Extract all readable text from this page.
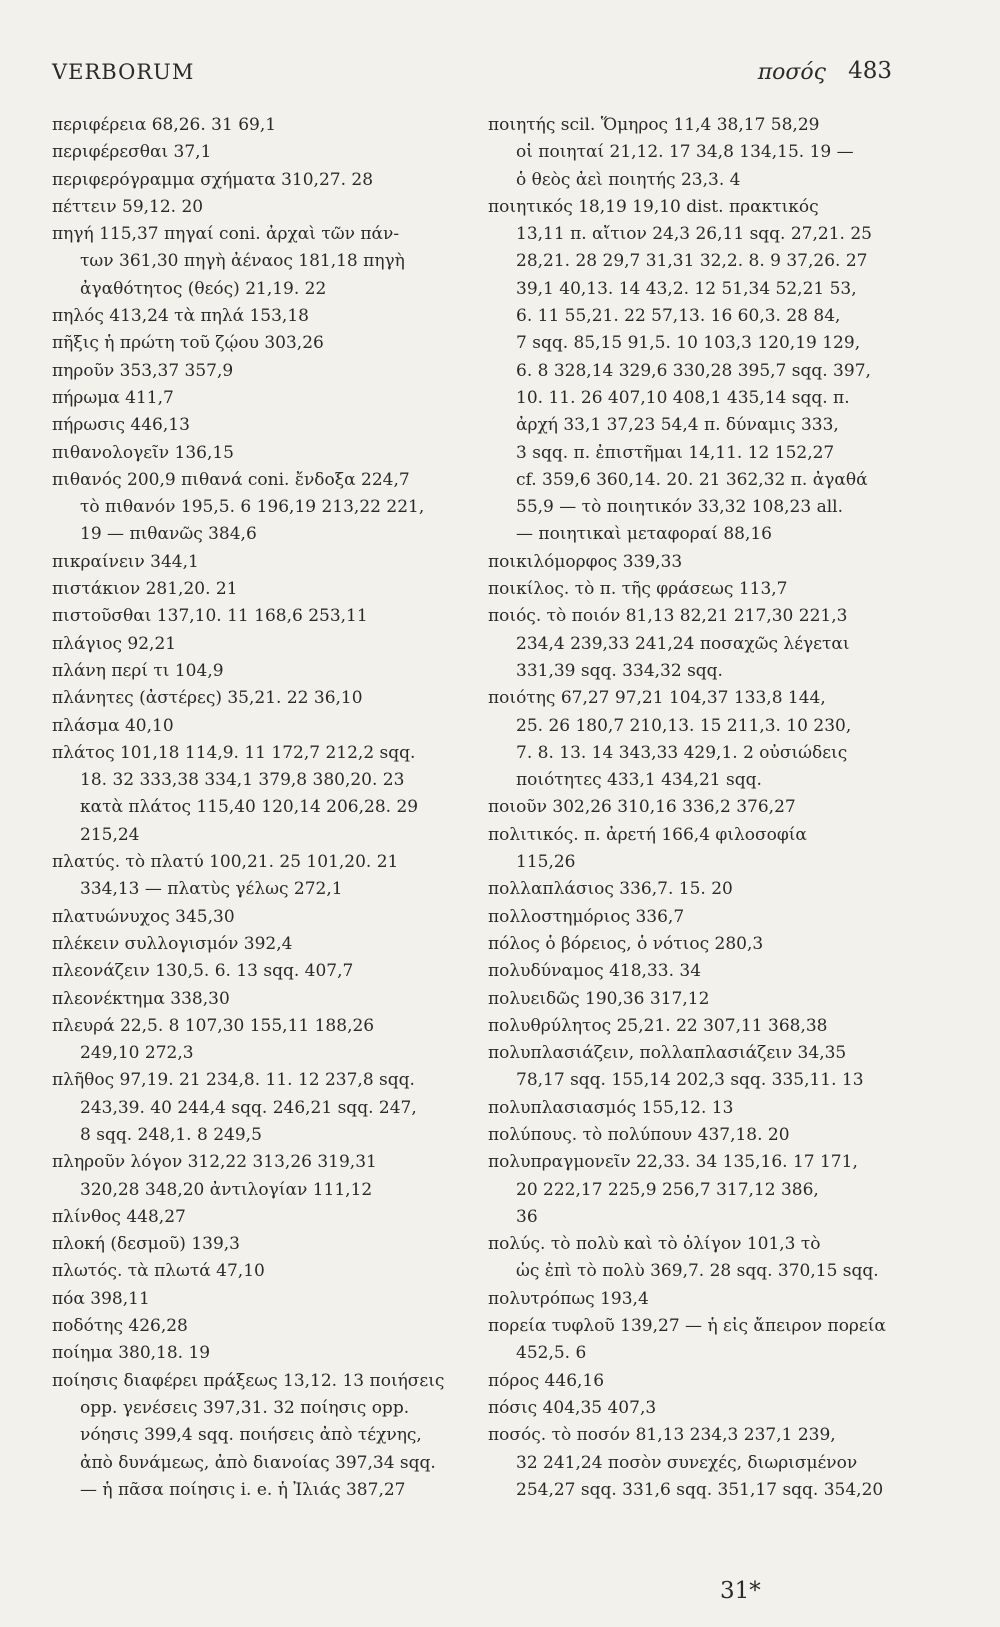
VERBORUM	ποσός 483
περιφέρεια 68,26. 31 69,1
περιφέρεσθαι 37,1
περιφερόγραμμα σχήματα 310,27. 28
πέττειν 59,12. 20
πηγή 115,37 πηγαί coni. ἀρχαὶ τῶν πάν-
των 361,30 πηγὴ ἀέναος 181,18 πηγὴ
ἀγαθότητος (θεός) 21,19. 22
πηλός 413,24 τὰ πηλά 153,18
πῆξις ἡ πρώτη τοῦ ζῴου 303,26
πηροῦν 353,37 357,9
πήρωμα 411,7
πήρωσις 446,13
πιθανολογεῖν 136,15
πιθανός 200,9 πιθανά coni. ἔνδοξα 224,7
τὸ πιθανόν 195,5. 6 196,19 213,22 221,
19 — πιθανῶς 384,6
πικραίνειν 344,1
πιστάκιον 281,20. 21
πιστοῦσθαι 137,10. 11 168,6 253,11
πλάγιος 92,21
πλάνη περί τι 104,9
πλάνητες (ἀστέρες) 35,21. 22 36,10
πλάσμα 40,10
πλάτος 101,18 114,9. 11 172,7 212,2 sqq.
18. 32 333,38 334,1 379,8 380,20. 23
κατὰ πλάτος 115,40 120,14 206,28. 29
215,24
πλατύς. τὸ πλατύ 100,21. 25 101,20. 21
334,13 — πλατὺς γέλως 272,1
πλατυώνυχος 345,30
πλέκειν συλλογισμόν 392,4
πλεονάζειν 130,5. 6. 13 sqq. 407,7
πλεονέκτημα 338,30
πλευρά 22,5. 8 107,30 155,11 188,26
249,10 272,3
πλῆθος 97,19. 21 234,8. 11. 12 237,8 sqq.
243,39. 40 244,4 sqq. 246,21 sqq. 247,
8 sqq. 248,1. 8 249,5
πληροῦν λόγον 312,22 313,26 319,31
320,28 348,20 ἀντιλογίαν 111,12
πλίνθος 448,27
πλοκή (δεσμοῦ) 139,3
πλωτός. τὰ πλωτά 47,10
πόα 398,11
ποδότης 426,28
ποίημα 380,18. 19
ποίησις διαφέρει πράξεως 13,12. 13 ποιήσεις
opp. γενέσεις 397,31. 32 ποίησις opp.
νόησις 399,4 sqq. ποιήσεις ἀπὸ τέχνης,
ἀπὸ δυνάμεως, ἀπὸ διανοίας 397,34 sqq.
— ἡ πᾶσα ποίησις i. e. ἡ Ἰλιάς 387,27
ποιητής scil. Ὅμηρος 11,4 38,17 58,29
οἱ ποιηταί 21,12. 17 34,8 134,15. 19 —
ὁ θεὸς ἀεὶ ποιητής 23,3. 4
ποιητικός 18,19 19,10 dist. πρακτικός
13,11 π. αἴτιον 24,3 26,11 sqq. 27,21. 25
28,21. 28 29,7 31,31 32,2. 8. 9 37,26. 27
39,1 40,13. 14 43,2. 12 51,34 52,21 53,
6. 11 55,21. 22 57,13. 16 60,3. 28 84,
7 sqq. 85,15 91,5. 10 103,3 120,19 129,
6. 8 328,14 329,6 330,28 395,7 sqq. 397,
10. 11. 26 407,10 408,1 435,14 sqq. π.
ἀρχή 33,1 37,23 54,4 π. δύναμις 333,
3 sqq. π. ἐπιστῆμαι 14,11. 12 152,27
cf. 359,6 360,14. 20. 21 362,32 π. ἀγαθά
55,9 — τὸ ποιητικόν 33,32 108,23 all.
— ποιητικαὶ μεταφοραί 88,16
ποικιλόμορφος 339,33
ποικίλος. τὸ π. τῆς φράσεως 113,7
ποιός. τὸ ποιόν 81,13 82,21 217,30 221,3
234,4 239,33 241,24 ποσαχῶς λέγεται
331,39 sqq. 334,32 sqq.
ποιότης 67,27 97,21 104,37 133,8 144,
25. 26 180,7 210,13. 15 211,3. 10 230,
7. 8. 13. 14 343,33 429,1. 2 οὐσιώδεις
ποιότητες 433,1 434,21 sqq.
ποιοῦν 302,26 310,16 336,2 376,27
πολιτικός. π. ἀρετή 166,4 φιλοσοφία
115,26
πολλαπλάσιος 336,7. 15. 20
πολλοστημόριος 336,7
πόλος ὁ βόρειος, ὁ νότιος 280,3
πολυδύναμος 418,33. 34
πολυειδῶς 190,36 317,12
πολυθρύλητος 25,21. 22 307,11 368,38
πολυπλασιάζειν, πολλαπλασιάζειν 34,35
78,17 sqq. 155,14 202,3 sqq. 335,11. 13
πολυπλασιασμός 155,12. 13
πολύπους. τὸ πολύπουν 437,18. 20
πολυπραγμονεῖν 22,33. 34 135,16. 17 171,
20 222,17 225,9 256,7 317,12 386,
36
πολύς. τὸ πολὺ καὶ τὸ ὀλίγον 101,3 τὸ
ὡς ἐπὶ τὸ πολὺ 369,7. 28 sqq. 370,15 sqq.
πολυτρόπως 193,4
πορεία τυφλοῦ 139,27 — ἡ εἰς ἄπειρον πορεία
452,5. 6
πόρος 446,16
πόσις 404,35 407,3
ποσός. τὸ ποσόν 81,13 234,3 237,1 239,
32 241,24 ποσὸν συνεχές, διωρισμένον
254,27 sqq. 331,6 sqq. 351,17 sqq. 354,20
31*
